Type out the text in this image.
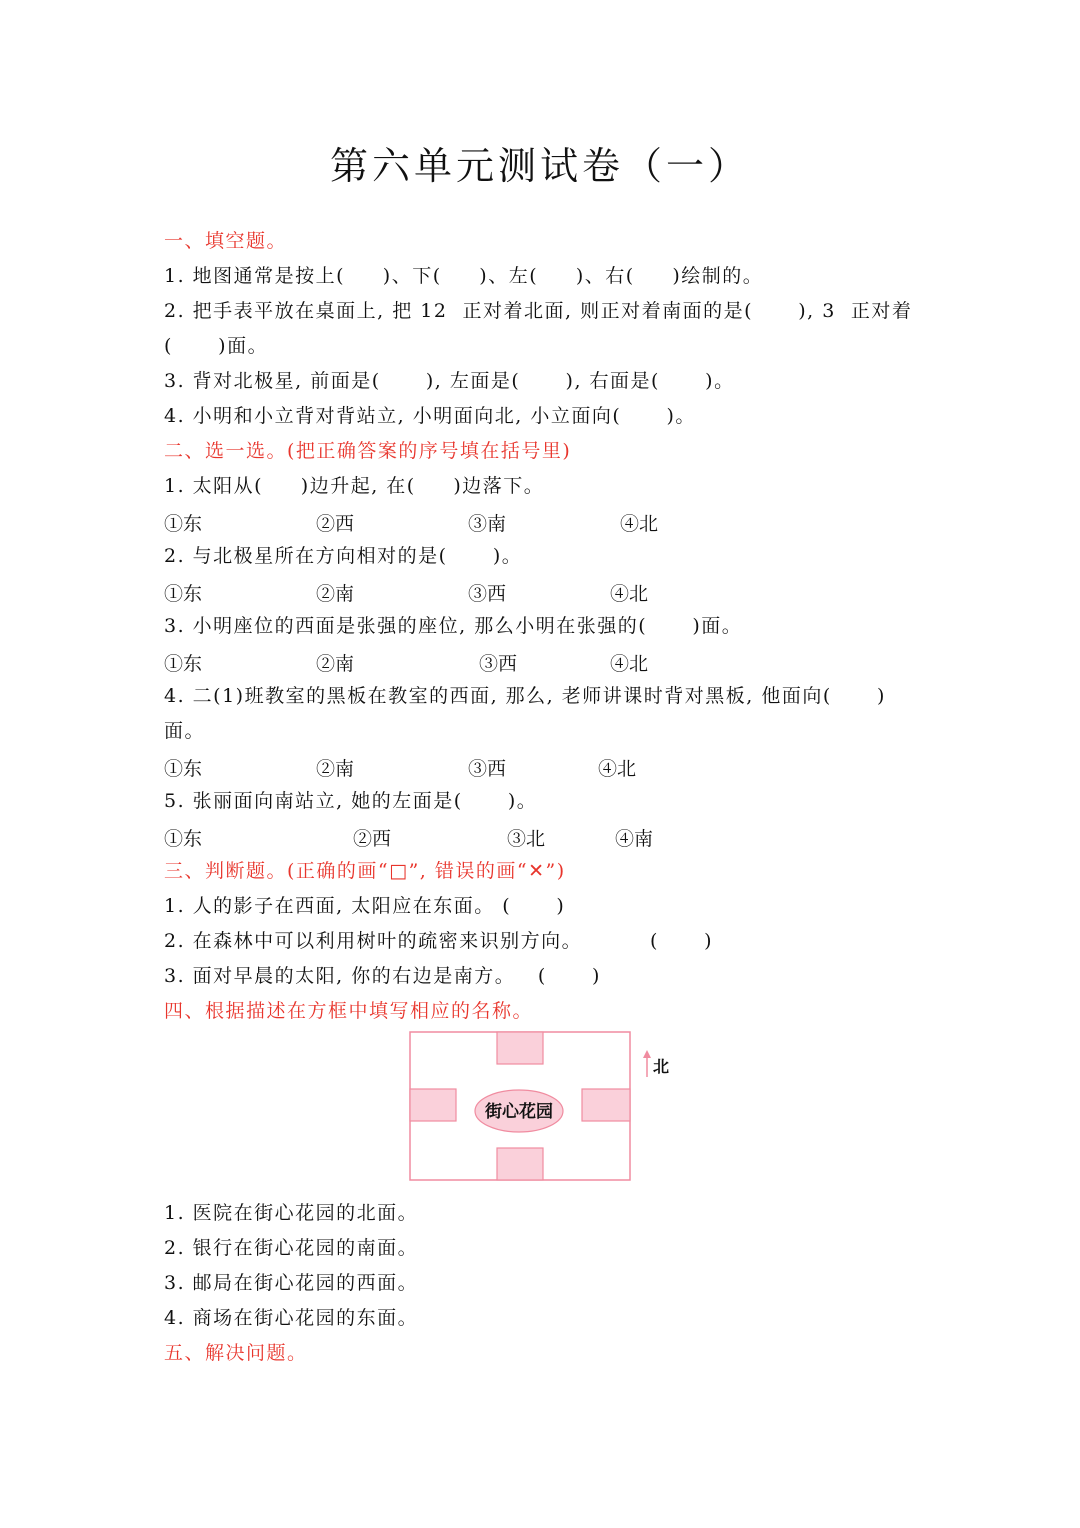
第六单元测试卷（一）
一、填空题。
1. 地图通常是按上(     )、下(     )、左(     )、右(     )绘制的。
2. 把手表平放在桌面上, 把 12  正对着北面, 则正对着南面的是(      ), 3  正对着
(      )面。
3. 背对北极星, 前面是(      ), 左面是(      ), 右面是(      )。
4. 小明和小立背对背站立, 小明面向北, 小立面向(      )。
二、选一选。(把正确答案的序号填在括号里)
1. 太阳从(     )边升起, 在(     )边落下。
①东	②西	③南	④北
2. 与北极星所在方向相对的是(      )。
①东	②南	③西	④北
3. 小明座位的西面是张强的座位, 那么小明在张强的(      )面。
①东	②南	③西	④北
4. 二(1)班教室的黑板在教室的西面, 那么, 老师讲课时背对黑板, 他面向(      )
面。
①东	②南	③西	④北
5. 张丽面向南站立, 她的左面是(      )。
①东	②西	③北	④南
三、判断题。(正确的画“□”, 错误的画“✕”)
1. 人的影子在西面, 太阳应在东面。 (      )
2. 在森林中可以利用树叶的疏密来识别方向。         (      )
3. 面对早晨的太阳, 你的右边是南方。   (      )
四、根据描述在方框中填写相应的名称。
街心花园
北
1. 医院在街心花园的北面。
2. 银行在街心花园的南面。
3. 邮局在街心花园的西面。
4. 商场在街心花园的东面。
五、解决问题。
